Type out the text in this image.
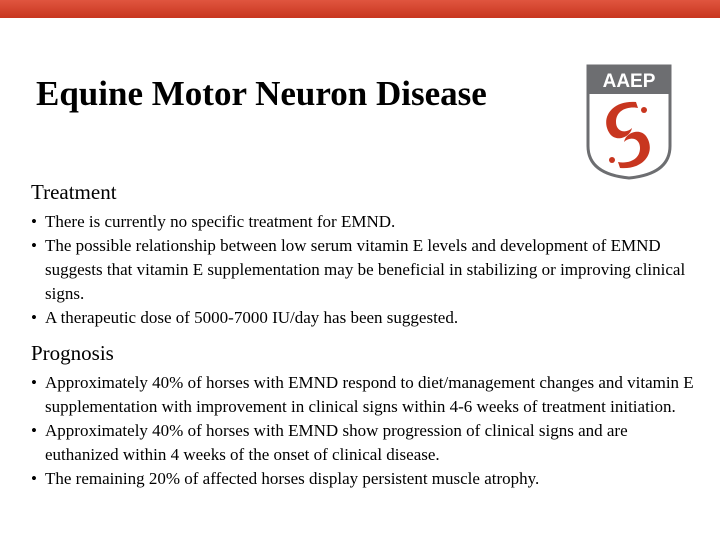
Equine Motor Neuron Disease	AAEP
Treatment
• There is currently no specific treatment for EMND.
• The possible relationship between low serum vitamin E levels and development of EMND suggests that vitamin E supplementation may be beneficial in stabilizing or improving clinical signs.
• A therapeutic dose of 5000-7000 IU/day has been suggested.
Prognosis
• Approximately 40% of horses with EMND respond to diet/management changes and vitamin E supplementation with improvement in clinical signs within 4-6 weeks of treatment initiation.
• Approximately 40% of horses with EMND show progression of clinical signs and are euthanized within 4 weeks of the onset of clinical disease.
• The remaining 20% of affected horses display persistent muscle atrophy.
